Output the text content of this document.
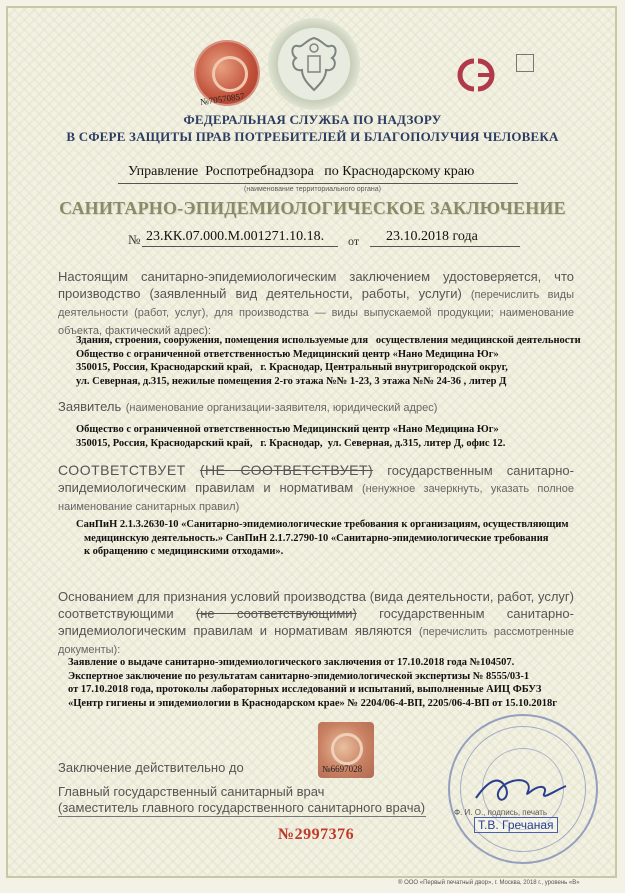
№70570857
ФЕДЕРАЛЬНАЯ СЛУЖБА ПО НАДЗОРУ
В СФЕРЕ ЗАЩИТЫ ПРАВ ПОТРЕБИТЕЛЕЙ И БЛАГОПОЛУЧИЯ ЧЕЛОВЕКА
Управление  Роспотребнадзора   по Краснодарскому краю
(наименование территориального органа)
САНИТАРНО-ЭПИДЕМИОЛОГИЧЕСКОЕ ЗАКЛЮЧЕНИЕ
№ 23.КК.07.000.М.001271.10.18. от 23.10.2018 года
Настоящим санитарно-эпидемиологическим заключением удостоверяется, что производство (заявленный вид деятельности, работы, услуги) (перечислить виды деятельности (работ, услуг), для производства — виды выпускаемой продукции; наименование объекта, фактический адрес):
Здания, строения, сооружения, помещения используемые для   осуществления медицинской деятельности
Общество с ограниченной ответственностью Медицинский центр «Нано Медицина Юг»
350015, Россия, Краснодарский край,   г. Краснодар, Центральный внутригородской округ,
ул. Северная, д.315, нежилые помещения 2-го этажа №№ 1-23, 3 этажа №№ 24-36 , литер Д
Заявитель (наименование организации-заявителя, юридический адрес)
Общество с ограниченной ответственностью Медицинский центр «Нано Медицина Юг»
350015, Россия, Краснодарский край,   г. Краснодар,  ул. Северная, д.315, литер Д, офис 12.
СООТВЕТСТВУЕТ (НЕ СООТВЕТСТВУЕТ) государственным санитарно-эпидемиологическим правилам и нормативам (ненужное зачеркнуть, указать полное наименование санитарных правил)
СанПиН 2.1.3.2630-10 «Санитарно-эпидемиологические требования к организациям, осуществляющим
медицинскую деятельность.» СанПиН 2.1.7.2790-10 «Санитарно-эпидемиологические требования
к обращению с медицинскими отходами».
Основанием для признания условий производства (вида деятельности, работ, услуг) соответствующими (не соответствующими) государственным санитарно-эпидемиологическим правилам и нормативам являются (перечислить рассмотренные документы):
Заявление о выдаче санитарно-эпидемиологического заключения от 17.10.2018 года №104507.
Экспертное заключение по результатам санитарно-эпидемиологической экспертизы № 8555/03-1
от 17.10.2018 года, протоколы лабораторных исследований и испытаний, выполненные АИЦ ФБУЗ
«Центр гигиены и эпидемиологии в Краснодарском крае» № 2204/06-4-ВП, 2205/06-4-ВП от 15.10.2018г
№6697028
Заключение действительно до
Главный государственный санитарный врач
(заместитель главного государственного санитарного врача)	Ф. И. О., подпись, печать
Т.В. Гречаная
№2997376
® ООО «Первый печатный двор», г. Москва, 2018 г., уровень «В»
